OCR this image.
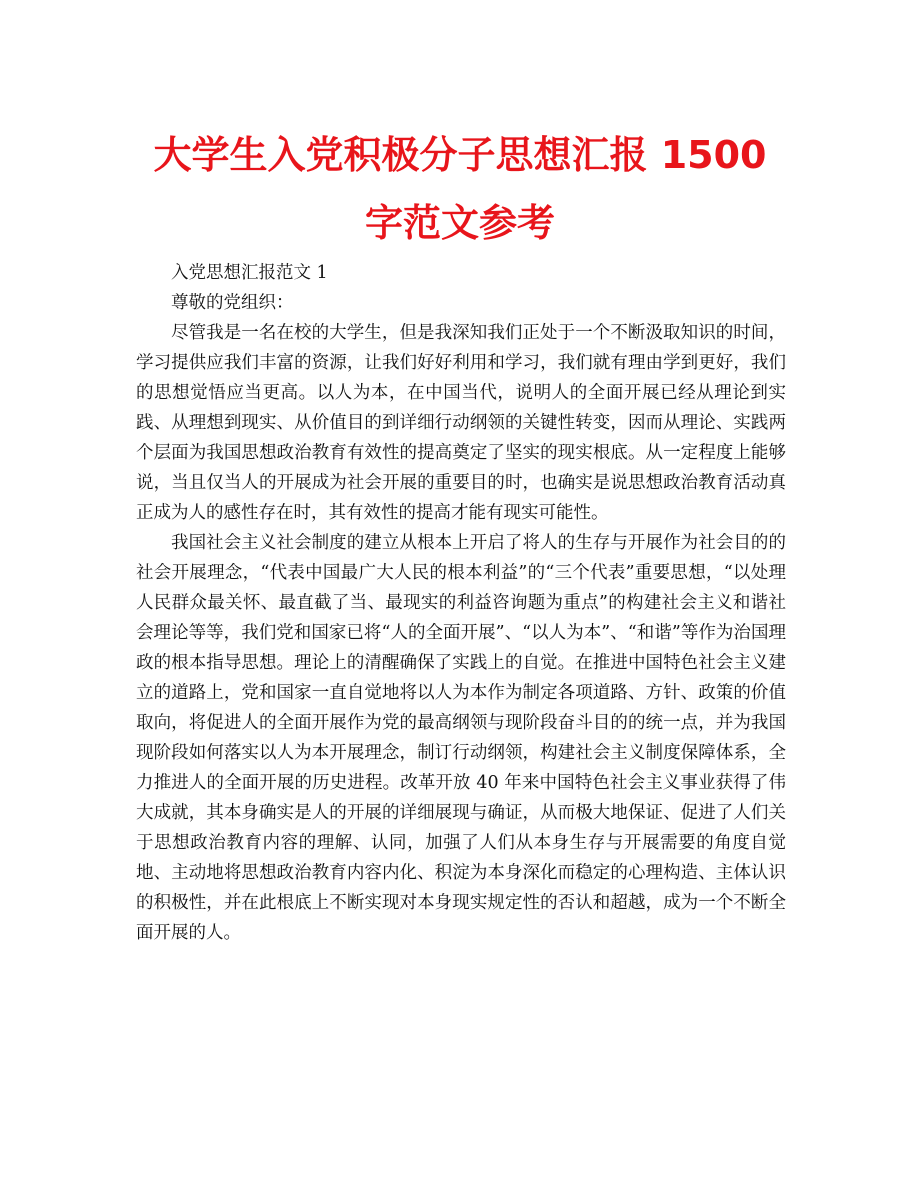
大学生入党积极分子思想汇报 1500 字范文参考

入党思想汇报范文 1

尊敬的党组织：

尽管我是一名在校的大学生，但是我深知我们正处于一个不断汲取知识的时间，学习提供应我们丰富的资源，让我们好好利用和学习，我们就有理由学到更好，我们的思想觉悟应当更高。以人为本，在中国当代，说明人的全面开展已经从理论到实践、从理想到现实、从价值目的到详细行动纲领的关键性转变，因而从理论、实践两个层面为我国思想政治教育有效性的提高奠定了坚实的现实根底。从一定程度上能够说，当且仅当人的开展成为社会开展的重要目的时，也确实是说思想政治教育活动真正成为人的感性存在时，其有效性的提高才能有现实可能性。

我国社会主义社会制度的建立从根本上开启了将人的生存与开展作为社会目的的社会开展理念，“代表中国最广大人民的根本利益”的“三个代表”重要思想，“以处理人民群众最关怀、最直截了当、最现实的利益咨询题为重点”的构建社会主义和谐社会理论等等，我们党和国家已将“人的全面开展”、“以人为本”、“和谐”等作为治国理政的根本指导思想。理论上的清醒确保了实践上的自觉。在推进中国特色社会主义建立的道路上，党和国家一直自觉地将以人为本作为制定各项道路、方针、政策的价值取向，将促进人的全面开展作为党的最高纲领与现阶段奋斗目的的统一点，并为我国现阶段如何落实以人为本开展理念，制订行动纲领，构建社会主义制度保障体系，全力推进人的全面开展的历史进程。改革开放 40 年来中国特色社会主义事业获得了伟大成就，其本身确实是人的开展的详细展现与确证，从而极大地保证、促进了人们关于思想政治教育内容的理解、认同，加强了人们从本身生存与开展需要的角度自觉地、主动地将思想政治教育内容内化、积淀为本身深化而稳定的心理构造、主体认识的积极性，并在此根底上不断实现对本身现实规定性的否认和超越，成为一个不断全面开展的人。
